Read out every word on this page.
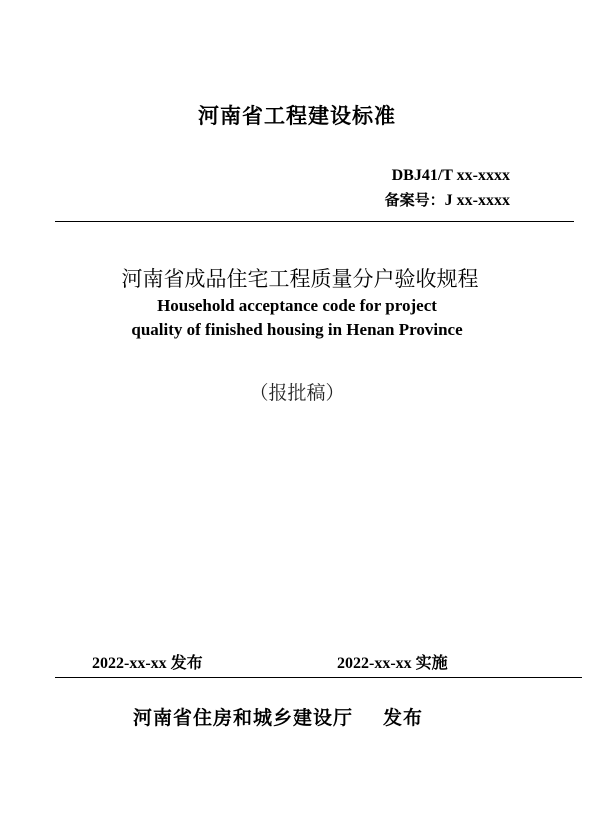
河南省工程建设标准
DBJ41/T xx-xxxx
备案号：J xx-xxxx
河南省成品住宅工程质量分户验收规程
Household acceptance code for project
quality of finished housing in Henan Province
（报批稿）
2022-xx-xx 发布	2022-xx-xx 实施
河南省住房和城乡建设厅 发布
